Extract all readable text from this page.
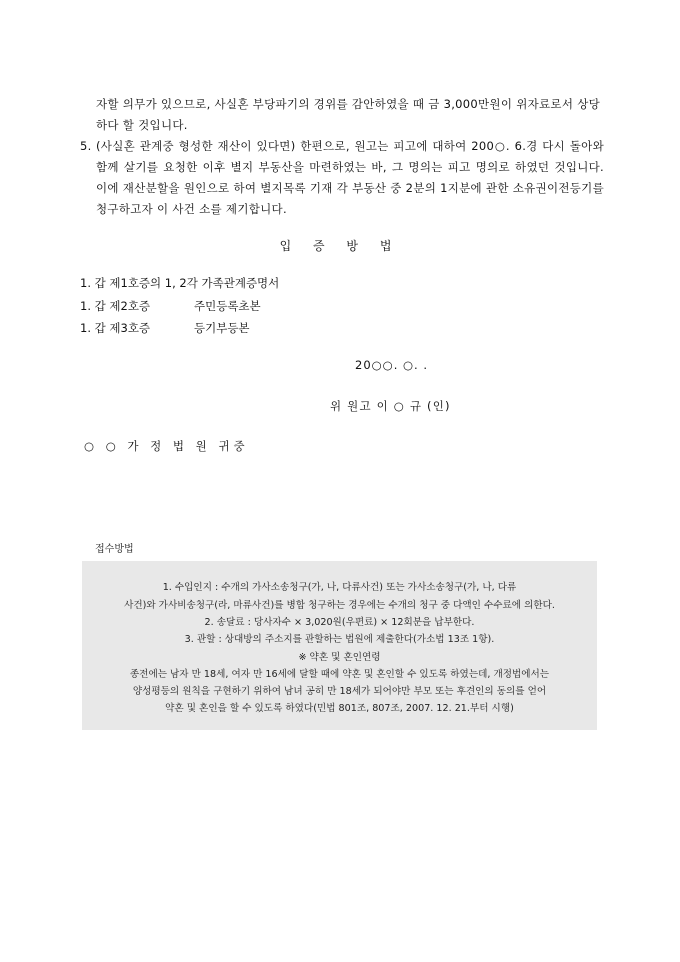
자할 의무가 있으므로, 사실혼 부당파기의 경위를 감안하였을 때 금 3,000만원이 위자료로서 상당하다 할 것입니다.
5. (사실혼 관계중 형성한 재산이 있다면) 한편으로, 원고는 피고에 대하여 200○. 6.경 다시 돌아와 함께 살기를 요청한 이후 별지 부동산을 마련하였는 바, 그 명의는 피고 명의로 하였던 것입니다. 이에 재산분할을 원인으로 하여 별지목록 기재 각 부동산 중 2분의 1지분에 관한 소유권이전등기를 청구하고자 이 사건 소를 제기합니다.
입 증 방 법
1. 갑 제1호증의 1, 2각 가족관계증명서
1. 갑 제2호증	주민등록초본
1. 갑 제3호증	등기부등본
20○○. ○. .
위 원고 이 ○ 규 (인)
○ ○ 가 정 법 원 귀중
접수방법
1. 수입인지 : 수개의 가사소송청구(가, 나, 다류사건) 또는 가사소송청구(가, 나, 다류
사건)와 가사비송청구(라, 마류사건)를 병합 청구하는 경우에는 수개의 청구 중 다액인 수수료에 의한다.
2. 송달료 : 당사자수 × 3,020원(우편료) × 12회분을 납부한다.
3. 관할 : 상대방의 주소지를 관할하는 법원에 제출한다(가소법 13조 1항).
※ 약혼 및 혼인연령
종전에는 남자 만 18세, 여자 만 16세에 달할 때에 약혼 및 혼인할 수 있도록 하였는데, 개정법에서는
양성평등의 원칙을 구현하기 위하여 남녀 공히 만 18세가 되어야만 부모 또는 후견인의 동의를 얻어
약혼 및 혼인을 할 수 있도록 하였다(민법 801조, 807조, 2007. 12. 21.부터 시행)
